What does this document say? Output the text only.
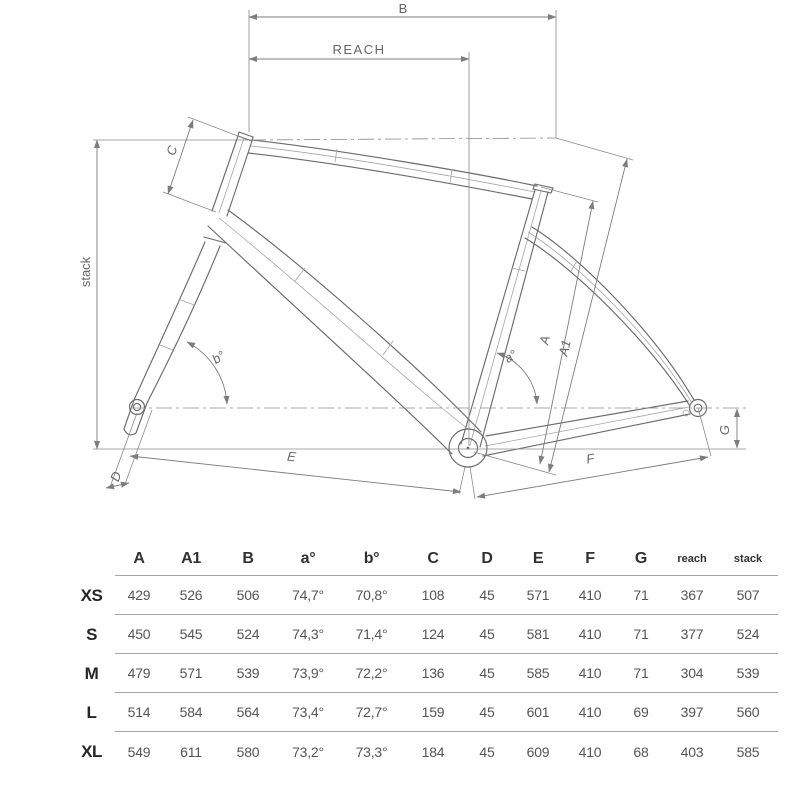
B
REACH
stack
C
b°	a°
A A1
E	F
G
D
A	A1	B	a°	b°	C	D	E	F	G	reach	stack
XS	429	526	506	74,7°	70,8°	108	45	571	410	71	367	507
S	450	545	524	74,3°	71,4°	124	45	581	410	71	377	524
M	479	571	539	73,9°	72,2°	136	45	585	410	71	304	539
L	514	584	564	73,4°	72,7°	159	45	601	410	69	397	560
XL	549	611	580	73,2°	73,3°	184	45	609	410	68	403	585
